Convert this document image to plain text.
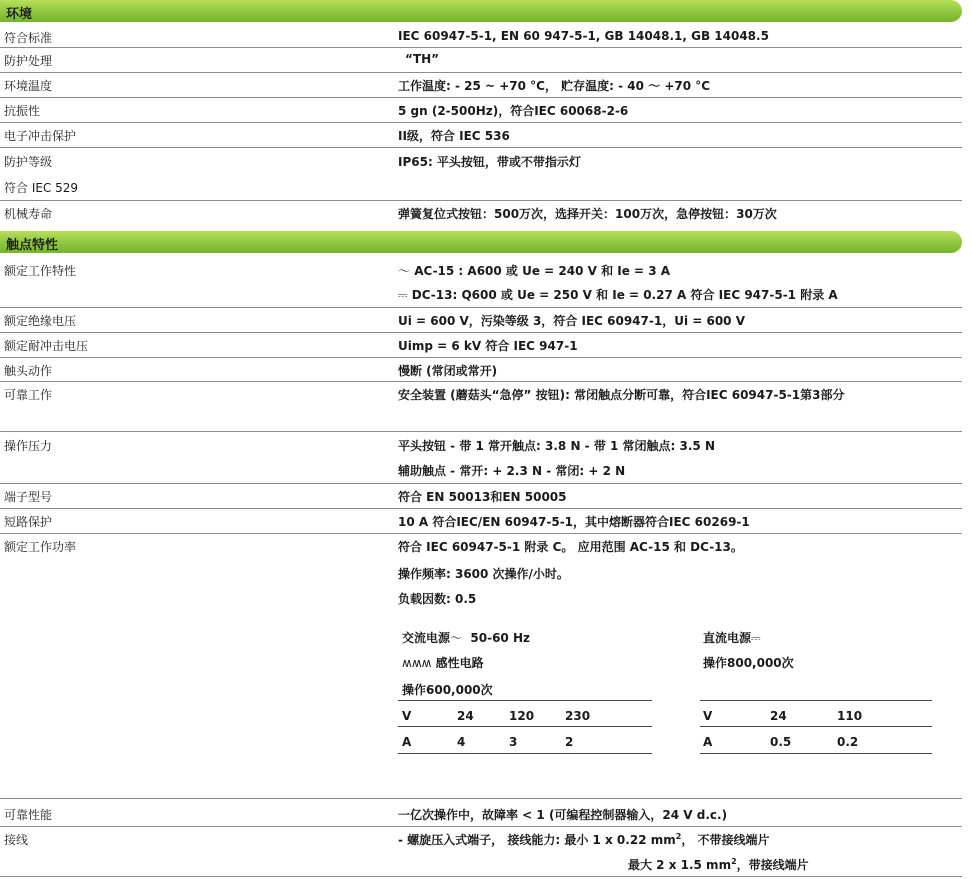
环境
符合标准	IEC 60947-5-1, EN 60 947-5-1, GB 14048.1, GB 14048.5
防护处理	“TH”
环境温度	工作温度: - 25 ~ +70 °C， 贮存温度: - 40 ～ +70 °C
抗振性	5 gn (2-500Hz)，符合IEC 60068-2-6
电子冲击保护	II级，符合 IEC 536
防护等级	IP65: 平头按钮，带或不带指示灯
符合 IEC 529
机械寿命	弹簧复位式按钮：500万次，选择开关：100万次，急停按钮：30万次
触点特性
额定工作特性	～ AC-15 : A600 或 Ue = 240 V 和 Ie = 3 A
⎓ DC-13: Q600 或 Ue = 250 V 和 Ie = 0.27 A 符合 IEC 947-5-1 附录 A
额定绝缘电压	Ui = 600 V，污染等级 3，符合 IEC 60947-1，Ui = 600 V
额定耐冲击电压	Uimp = 6 kV 符合 IEC 947-1
触头动作	慢断 (常闭或常开)
可靠工作	安全装置 (蘑菇头“急停” 按钮): 常闭触点分断可靠，符合IEC 60947-5-1第3部分
操作压力	平头按钮 - 带 1 常开触点: 3.8 N - 带 1 常闭触点: 3.5 N
辅助触点 - 常开: + 2.3 N - 常闭: + 2 N
端子型号	符合 EN 50013和EN 50005
短路保护	10 A 符合IEC/EN 60947-5-1，其中熔断器符合IEC 60269-1
额定工作功率	符合 IEC 60947-5-1 附录 C。 应用范围 AC-15 和 DC-13。
操作频率: 3600 次操作/小时。
负载因数: 0.5
交流电源～ 50-60 Hz
ʍʍʍ 感性电路
操作600,000次
V	24	120	230
A	4	3	2
直流电源⎓
操作800,000次
V	24	110
A	0.5	0.2
可靠性能	一亿次操作中，故障率 < 1 (可编程控制器输入，24 V d.c.)
接线	- 螺旋压入式端子， 接线能力: 最小 1 x 0.22 $mm^2$， 不带接线端片
最大 2 x 1.5 $mm^2$，带接线端片
